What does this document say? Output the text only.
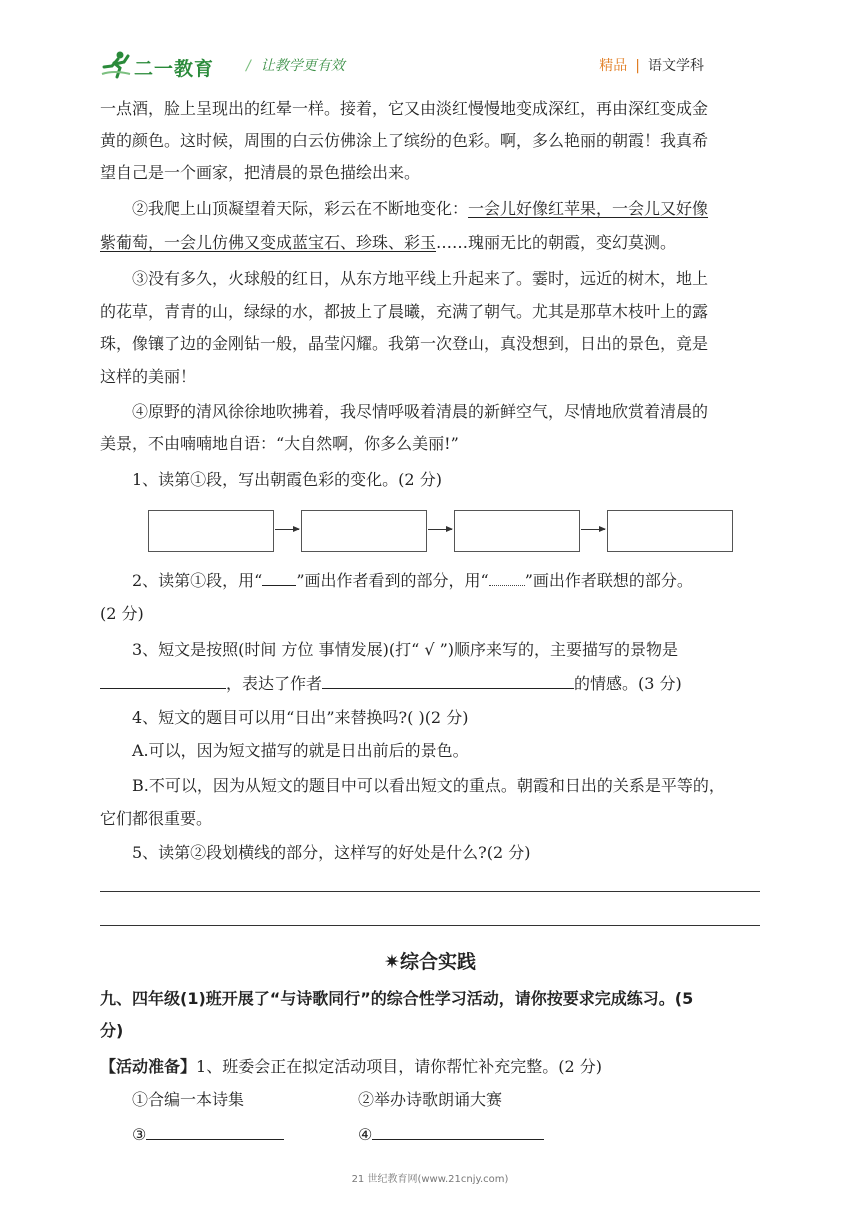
二一教育 / 让教学更有效	精品 | 语文学科
一点酒，脸上呈现出的红晕一样。接着，它又由淡红慢慢地变成深红，再由深红变成金
黄的颜色。这时候，周围的白云仿佛涂上了缤纷的色彩。啊，多么艳丽的朝霞！我真希
望自己是一个画家，把清晨的景色描绘出来。
②我爬上山顶凝望着天际，彩云在不断地变化：一会儿好像红苹果，一会儿又好像
紫葡萄，一会儿仿佛又变成蓝宝石、珍珠、彩玉……瑰丽无比的朝霞，变幻莫测。
③没有多久，火球般的红日，从东方地平线上升起来了。霎时，远近的树木，地上
的花草，青青的山，绿绿的水，都披上了晨曦，充满了朝气。尤其是那草木枝叶上的露
珠，像镶了边的金刚钻一般，晶莹闪耀。我第一次登山，真没想到，日出的景色，竟是
这样的美丽！
④原野的清风徐徐地吹拂着，我尽情呼吸着清晨的新鲜空气，尽情地欣赏着清晨的
美景，不由喃喃地自语：“大自然啊，你多么美丽!”
1、读第①段，写出朝霞色彩的变化。(2 分)
2、读第①段，用“ ”画出作者看到的部分，用“ ”画出作者联想的部分。
(2 分)
3、短文是按照(时间 方位 事情发展)(打“ √ ”)顺序来写的，主要描写的景物是
，表达了作者	的情感。(3 分)
4、短文的题目可以用“日出”来替换吗?( )(2 分)
A.可以，因为短文描写的就是日出前后的景色。
B.不可以，因为从短文的题目中可以看出短文的重点。朝霞和日出的关系是平等的，
它们都很重要。
5、读第②段划横线的部分，这样写的好处是什么?(2 分)
✷综合实践
九、四年级(1)班开展了“与诗歌同行”的综合性学习活动，请你按要求完成练习。(5
分)
【活动准备】1、班委会正在拟定活动项目，请你帮忙补充完整。(2 分)
①合编一本诗集	②举办诗歌朗诵大赛
③	④
21 世纪教育网(www.21cnjy.com)
